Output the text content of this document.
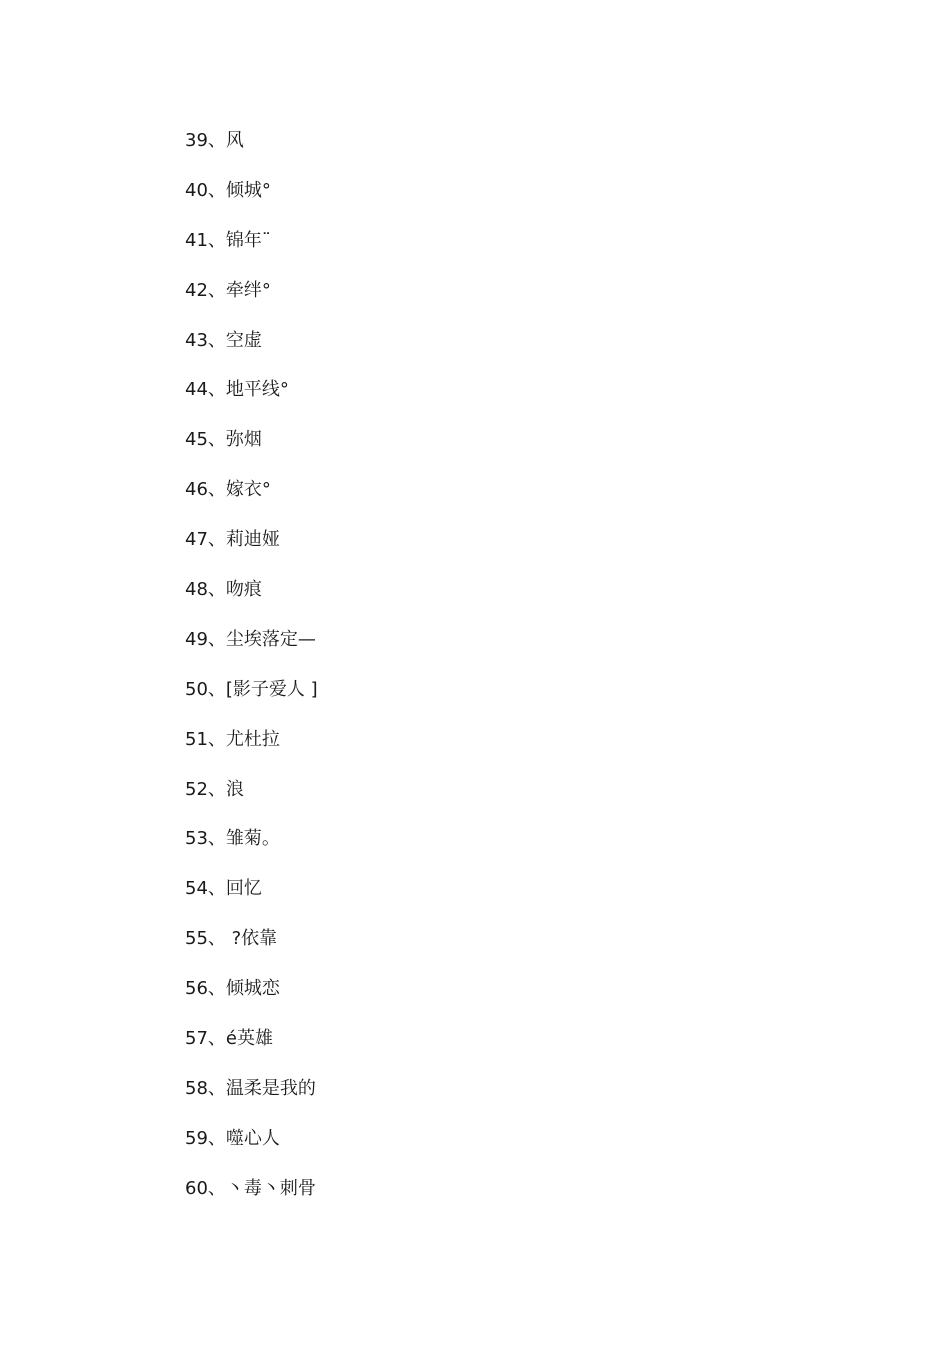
39、风
40、倾城°
41、锦年¨
42、牵绊°
43、空虚
44、地平线°
45、弥烟
46、嫁衣°
47、莉迪娅
48、吻痕
49、尘埃落定—
50、[影子爱人 ]
51、尤杜拉
52、浪
53、雏菊。
54、回忆
55、 ?依靠
56、倾城恋
57、é英雄
58、温柔是我的
59、噬心人
60、丶毒丶刺骨
